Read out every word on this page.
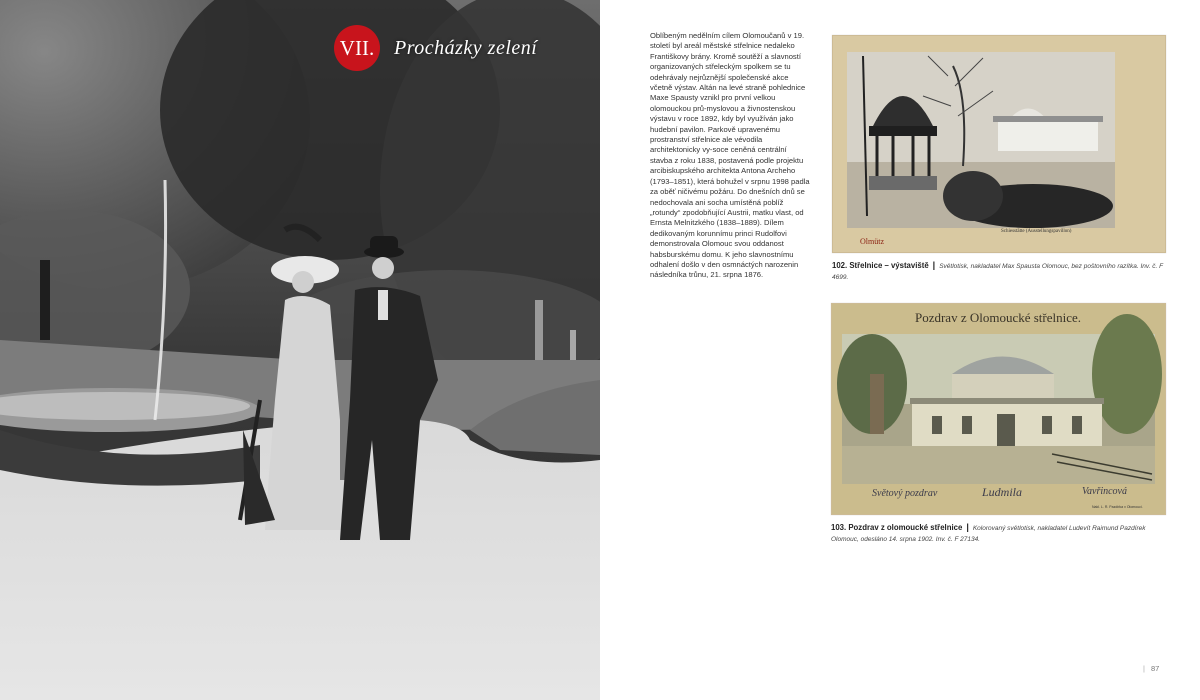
VII. Procházky zelení
Oblíbeným nedělním cílem Olomoučanů v 19. století byl areál městské střelnice nedaleko Františkovy brány. Kromě soutěží a slavností organizovaných střeleckým spolkem se tu odehrávaly nejrůznější společenské akce včetně výstav. Altán na levé straně pohlednice Maxe Spausty vznikl pro první velkou olomouckou prů-myslovou a živnostenskou výstavu v roce 1892, kdy byl využíván jako hudební pavilon. Parkově upravenému prostranství střelnice ale vévodila architektonicky vy-soce ceněná centrální stavba z roku 1838, postavená podle projektu arcibiskupského architekta Antona Archeho (1793–1851), která bohužel v srpnu 1998 padla za oběť ničivému požáru. Do dnešních dnů se nedochovala ani socha umístěná poblíž „rotundy“ zpodobňující Austrii, matku vlast, od Ernsta Melnitzkého (1838–1889). Dílem dedikovaným korunnímu princi Rudolfovi demonstrovala Olomouc svou oddanost habsburskému domu. K jeho slavnostnímu odhalení došlo v den osmnáctých narozenin následníka trůnu, 21. srpna 1876.
Olmütz
Schiesstätte (Ausstellungspavillon)
102. Střelnice – výstaviště | Světlotisk, nakladatel Max Spausta Olomouc, bez poštovního razítka. Inv. č. F 4699.
Pozdrav z Olomoucké střelnice.
Světový pozdrav	Ludmila	Vavřincová
Nakl. L. R. Pazdírka v Olomouci.
103. Pozdrav z olomoucké střelnice | Kolorovaný světlotisk, nakladatel Ludevít Raimund Pazdírek Olomouc, odesláno 14. srpna 1902. Inv. č. F 27134.
| 87
